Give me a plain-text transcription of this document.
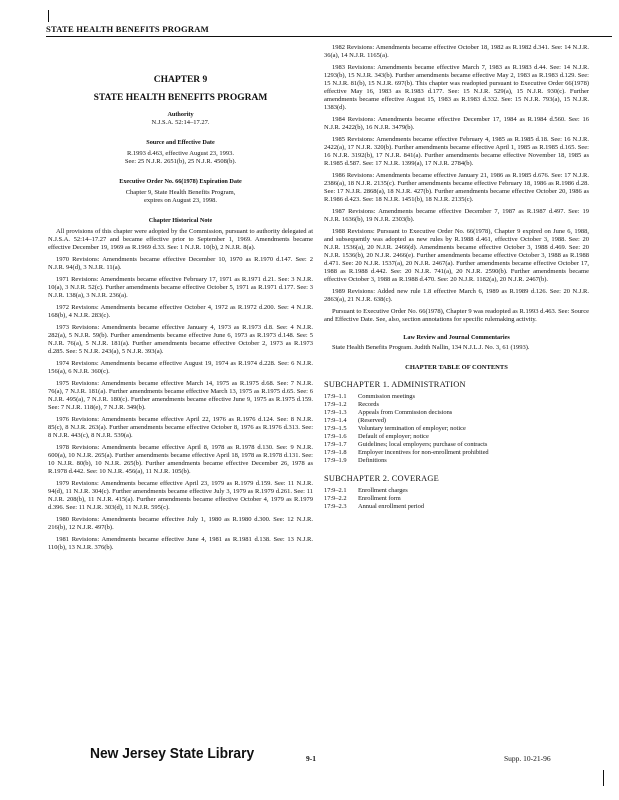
STATE HEALTH BENEFITS PROGRAM
CHAPTER 9
STATE HEALTH BENEFITS PROGRAM
Authority
N.J.S.A. 52:14–17.27.
Source and Effective Date
R.1993 d.463, effective August 23, 1993.
See: 25 N.J.R. 2651(b), 25 N.J.R. 4508(b).
Executive Order No. 66(1978) Expiration Date
Chapter 9, State Health Benefits Program,
expires on August 23, 1998.
Chapter Historical Note

All provisions of this chapter were adopted by the Commission, pursuant to authority delegated at N.J.S.A. 52:14–17.27 and became effective prior to September 1, 1969. Amendments became effective December 19, 1969 as R.1969 d.33. See: 1 N.J.R. 10(b), 2 N.J.R. 8(a).

1970 Revisions: Amendments became effective December 10, 1970 as R.1970 d.147. See: 2 N.J.R. 94(d), 3 N.J.R. 11(a).

1971 Revisions: Amendments became effective February 17, 1971 as R.1971 d.21. See: 3 N.J.R. 10(a), 3 N.J.R. 52(c). Further amendments became effective October 5, 1971 as R.1971 d.177. See: 3 N.J.R. 138(a), 3 N.J.R. 236(a).

1972 Revisions: Amendments became effective October 4, 1972 as R.1972 d.200. See: 4 N.J.R. 168(b), 4 N.J.R. 283(c).

1973 Revisions: Amendments became effective January 4, 1973 as R.1973 d.8. See: 4 N.J.R. 282(a), 5 N.J.R. 59(b). Further amendments became effective June 6, 1973 as R.1973 d.148. See: 5 N.J.R. 76(a), 5 N.J.R. 181(a). Further amendments became effective October 2, 1973 as R.1973 d.285. See: 5 N.J.R. 243(a), 5 N.J.R. 393(a).

1974 Revisions: Amendments became effective August 19, 1974 as R.1974 d.228. See: 6 N.J.R. 156(a), 6 N.J.R. 360(c).

1975 Revisions: Amendments became effective March 14, 1975 as R.1975 d.68. See: 7 N.J.R. 76(a), 7 N.J.R. 181(a). Further amendments became effective March 13, 1975 as R.1975 d.65. See: 6 N.J.R. 495(a), 7 N.J.R. 180(c). Further amendments became effective June 9, 1975 as R.1975 d.159. See: 7 N.J.R. 118(e), 7 N.J.R. 349(b).

1976 Revisions: Amendments became effective April 22, 1976 as R.1976 d.124. See: 8 N.J.R. 85(c), 8 N.J.R. 263(a). Further amendments became effective October 8, 1976 as R.1976 d.313. See: 8 N.J.R. 443(c), 8 N.J.R. 539(a).

1978 Revisions: Amendments became effective April 8, 1978 as R.1978 d.130. See: 9 N.J.R. 600(a), 10 N.J.R. 265(a). Further amendments became effective April 18, 1978 as R.1978 d.131. See: 10 N.J.R. 80(b), 10 N.J.R. 265(b). Further amendments became effective December 26, 1978 as R.1978 d.442. See: 10 N.J.R. 456(a), 11 N.J.R. 105(b).

1979 Revisions: Amendments became effective April 23, 1979 as R.1979 d.159. See: 11 N.J.R. 94(d), 11 N.J.R. 304(c). Further amendments became effective July 3, 1979 as R.1979 d.261. See: 11 N.J.R. 208(b), 11 N.J.R. 415(a). Further amendments became effective October 4, 1979 as R.1979 d.396. See: 11 N.J.R. 303(d), 11 N.J.R. 595(c).

1980 Revisions: Amendments became effective July 1, 1980 as R.1980 d.300. See: 12 N.J.R. 216(b), 12 N.J.R. 497(b).

1981 Revisions: Amendments became effective June 4, 1981 as R.1981 d.138. See: 13 N.J.R. 110(b), 13 N.J.R. 376(b).

1982 Revisions: Amendments became effective October 18, 1982 as R.1982 d.341. See: 14 N.J.R. 36(a), 14 N.J.R. 1165(a).

1983 Revisions: Amendments became effective March 7, 1983 as R.1983 d.44. See: 14 N.J.R. 1293(b), 15 N.J.R. 343(b). Further amendments became effective May 2, 1983 as R.1983 d.129. See: 15 N.J.R. 81(b), 15 N.J.R. 697(b). This chapter was readopted pursuant to Executive Order 66(1978) effective May 16, 1983 as R.1983 d.177. See: 15 N.J.R. 529(a), 15 N.J.R. 930(c). Further amendments became effective August 15, 1983 as R.1983 d.332. See: 15 N.J.R. 793(a), 15 N.J.R. 1383(d).

1984 Revisions: Amendments became effective December 17, 1984 as R.1984 d.560. See: 16 N.J.R. 2422(b), 16 N.J.R. 3479(b).

1985 Revisions: Amendments became effective February 4, 1985 as R.1985 d.18. See: 16 N.J.R. 2422(a), 17 N.J.R. 320(b). Further amendments became effective April 1, 1985 as R.1985 d.165. See: 16 N.J.R. 3192(b), 17 N.J.R. 841(a). Further amendments became effective November 18, 1985 as R.1985 d.587. See: 17 N.J.R. 1399(a), 17 N.J.R. 2784(b).

1986 Revisions: Amendments became effective January 21, 1986 as R.1985 d.676. See: 17 N.J.R. 2386(a), 18 N.J.R. 2135(c). Further amendments became effective February 18, 1986 as R.1986 d.28. See: 17 N.J.R. 2868(a), 18 N.J.R. 427(b). Further amendments became effective October 20, 1986 as R.1986 d.423. See: 18 N.J.R. 1451(b), 18 N.J.R. 2135(c).

1987 Revisions: Amendments became effective December 7, 1987 as R.1987 d.497. See: 19 N.J.R. 1636(b), 19 N.J.R. 2303(b).

1988 Revisions: Pursuant to Executive Order No. 66(1978), Chapter 9 expired on June 6, 1988, and subsequently was adopted as new rules by R.1988 d.461, effective October 3, 1988. See: 20 N.J.R. 1536(a), 20 N.J.R. 2466(d). Amendments became effective October 3, 1988 d.469. See: 20 N.J.R. 1536(b), 20 N.J.R. 2466(e). Further amendments became effective October 3, 1988 as R.1988 d.471. See: 20 N.J.R. 1537(a), 20 N.J.R. 2467(a). Further amendments became effective October 17, 1988 as R.1988 d.442. See: 20 N.J.R. 741(a), 20 N.J.R. 2590(b). Further amendments became effective October 3, 1988 as R.1988 d.470. See: 20 N.J.R. 1182(a), 20 N.J.R. 2467(b).

1989 Revisions: Added new rule 1.8 effective March 6, 1989 as R.1989 d.126. See: 20 N.J.R. 2863(a), 21 N.J.R. 638(c).

Pursuant to Executive Order No. 66(1978), Chapter 9 was readopted as R.1993 d.463. See: Source and Effective Date. See, also, section annotations for specific rulemaking activity.

Law Review and Journal Commentaries

State Health Benefits Program. Judith Nallin, 134 N.J.L.J. No. 3, 61 (1993).

CHAPTER TABLE OF CONTENTS
SUBCHAPTER 1. ADMINISTRATION
17:9–1.1	Commission meetings
17:9–1.2	Records
17:9–1.3	Appeals from Commission decisions
17:9–1.4	(Reserved)
17:9–1.5	Voluntary termination of employer; notice
17:9–1.6	Default of employer; notice
17:9–1.7	Guidelines; local employers; purchase of contracts
17:9–1.8	Employer incentives for non-enrollment prohibited
17:9–1.9	Definitions
SUBCHAPTER 2. COVERAGE
17:9–2.1	Enrollment charges
17:9–2.2	Enrollment form
17:9–2.3	Annual enrollment period
New Jersey State Library	9-1	Supp. 10-21-96
